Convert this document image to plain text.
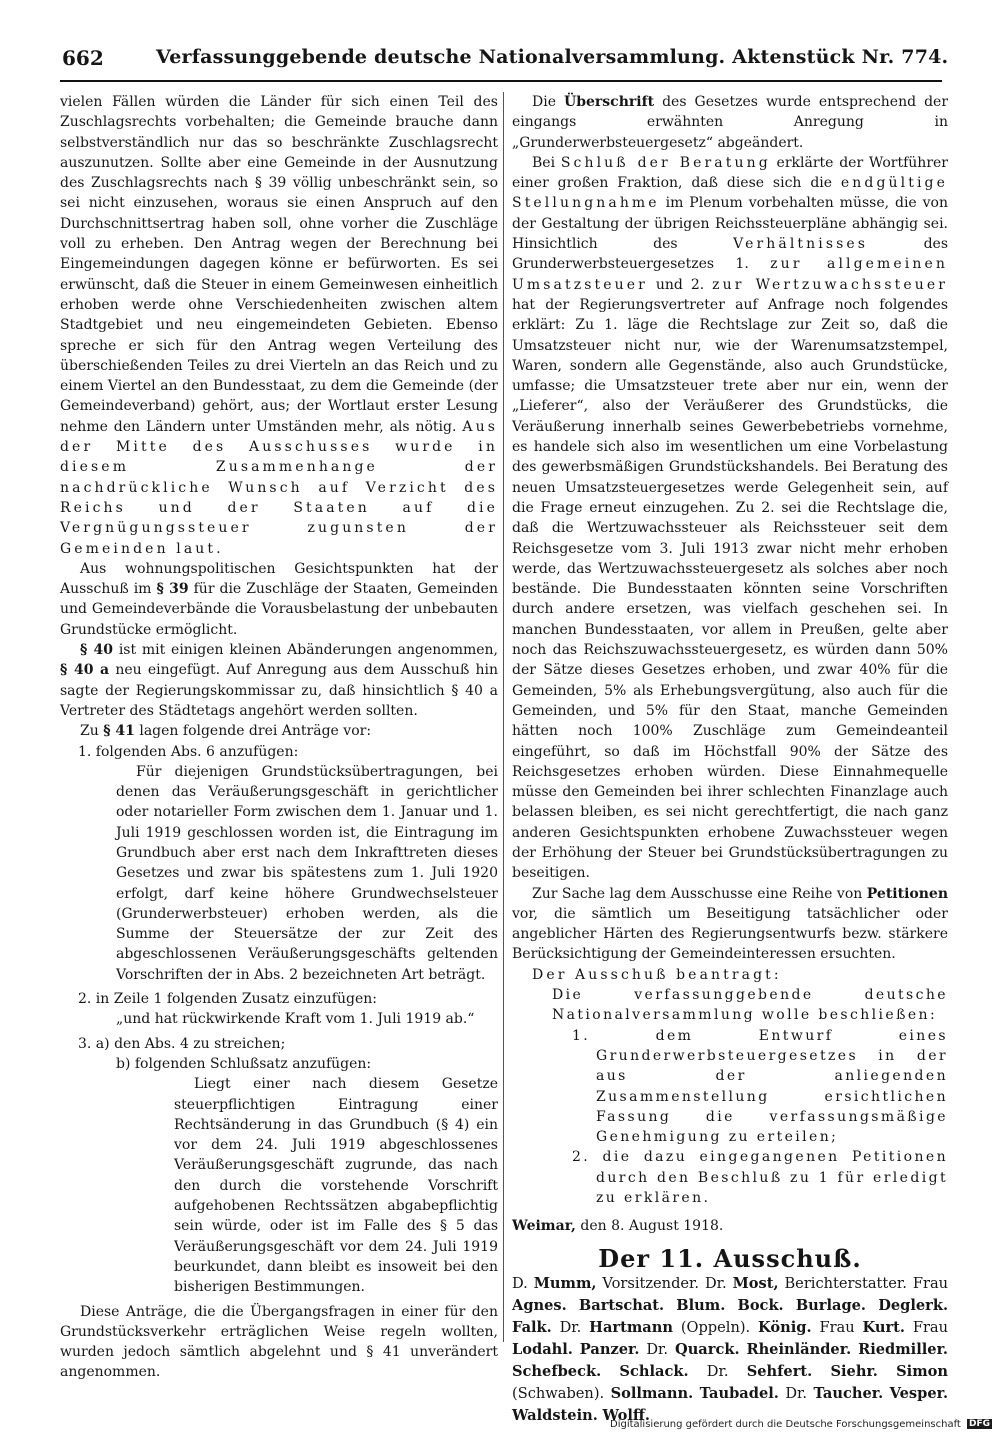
662	Verfassunggebende deutsche Nationalversammlung. Aktenstück Nr. 774.

vielen Fällen würden die Länder für sich einen Teil des Zuschlagsrechts vorbehalten; die Gemeinde brauche dann selbstverständlich nur das so beschränkte Zuschlagsrecht auszunutzen. Sollte aber eine Gemeinde in der Ausnutzung des Zuschlagsrechts nach § 39 völlig unbeschränkt sein, so sei nicht einzusehen, woraus sie einen Anspruch auf den Durchschnittsertrag haben soll, ohne vorher die Zuschläge voll zu erheben. Den Antrag wegen der Berechnung bei Eingemeindungen dagegen könne er befürworten. Es sei erwünscht, daß die Steuer in einem Gemeinwesen einheitlich erhoben werde ohne Verschiedenheiten zwischen altem Stadtgebiet und neu eingemeindeten Gebieten. Ebenso spreche er sich für den Antrag wegen Verteilung des überschießenden Teiles zu drei Vierteln an das Reich und zu einem Viertel an den Bundesstaat, zu dem die Gemeinde (der Gemeindeverband) gehört, aus; der Wortlaut erster Lesung nehme den Ländern unter Umständen mehr, als nötig. Aus der Mitte des Ausschusses wurde in diesem Zusammenhange der nachdrückliche Wunsch auf Verzicht des Reichs und der Staaten auf die Vergnügungssteuer zugunsten der Gemeinden laut.

Aus wohnungspolitischen Gesichtspunkten hat der Ausschuß im § 39 für die Zuschläge der Staaten, Gemeinden und Gemeindeverbände die Vorausbelastung der unbebauten Grundstücke ermöglicht.

§ 40 ist mit einigen kleinen Abänderungen angenommen, § 40 a neu eingefügt. Auf Anregung aus dem Ausschuß hin sagte der Regierungskommissar zu, daß hinsichtlich § 40 a Vertreter des Städtetags angehört werden sollten.

Zu § 41 lagen folgende drei Anträge vor:

1. folgenden Abs. 6 anzufügen:

Für diejenigen Grundstücksübertragungen, bei denen das Veräußerungsgeschäft in gerichtlicher oder notarieller Form zwischen dem 1. Januar und 1. Juli 1919 geschlossen worden ist, die Eintragung im Grundbuch aber erst nach dem Inkrafttreten dieses Gesetzes und zwar bis spätestens zum 1. Juli 1920 erfolgt, darf keine höhere Grundwechselsteuer (Grunderwerbsteuer) erhoben werden, als die Summe der Steuersätze der zur Zeit des abgeschlossenen Veräußerungsgeschäfts geltenden Vorschriften der in Abs. 2 bezeichneten Art beträgt.

2. in Zeile 1 folgenden Zusatz einzufügen:

„und hat rückwirkende Kraft vom 1. Juli 1919 ab.“

3. a) den Abs. 4 zu streichen;

b) folgenden Schlußsatz anzufügen:

Liegt einer nach diesem Gesetze steuerpflichtigen Eintragung einer Rechtsänderung in das Grundbuch (§ 4) ein vor dem 24. Juli 1919 abgeschlossenes Veräußerungsgeschäft zugrunde, das nach den durch die vorstehende Vorschrift aufgehobenen Rechtssätzen abgabepflichtig sein würde, oder ist im Falle des § 5 das Veräußerungsgeschäft vor dem 24. Juli 1919 beurkundet, dann bleibt es insoweit bei den bisherigen Bestimmungen.

Diese Anträge, die die Übergangsfragen in einer für den Grundstücksverkehr erträglichen Weise regeln wollten, wurden jedoch sämtlich abgelehnt und § 41 unverändert angenommen.

Die Überschrift des Gesetzes wurde entsprechend der eingangs erwähnten Anregung in „Grunderwerbsteuergesetz“ abgeändert.

Bei Schluß der Beratung erklärte der Wortführer einer großen Fraktion, daß diese sich die endgültige Stellungnahme im Plenum vorbehalten müsse, die von der Gestaltung der übrigen Reichssteuerpläne abhängig sei. Hinsichtlich des	Verhältnisses	des Grunderwerbsteuergesetzes 1. zur allgemeinen Umsatzsteuer und 2. zur Wertzuwachssteuer hat der Regierungsvertreter auf Anfrage noch folgendes erklärt: Zu 1. läge die Rechtslage zur Zeit so, daß die Umsatzsteuer nicht nur, wie der Warenumsatzstempel, Waren, sondern alle Gegenstände, also auch Grundstücke, umfasse; die Umsatzsteuer trete aber nur ein, wenn der „Lieferer“, also der Veräußerer des Grundstücks, die Veräußerung innerhalb seines Gewerbebetriebs vornehme, es handele sich also im wesentlichen um eine Vorbelastung des gewerbsmäßigen Grundstückshandels. Bei Beratung des neuen Umsatzsteuergesetzes werde Gelegenheit sein, auf die Frage erneut einzugehen. Zu 2. sei die Rechtslage die, daß die Wertzuwachssteuer als Reichssteuer seit dem Reichsgesetze vom 3. Juli 1913 zwar nicht mehr erhoben werde, das Wertzuwachssteuergesetz als solches aber noch bestände. Die Bundesstaaten könnten seine Vorschriften durch andere ersetzen, was vielfach geschehen sei. In manchen Bundesstaaten, vor allem in Preußen, gelte aber noch das Reichszuwachssteuergesetz, es würden dann 50% der Sätze dieses Gesetzes erhoben, und zwar 40% für die Gemeinden, 5% als Erhebungsvergütung, also auch für die Gemeinden, und 5% für den Staat, manche Gemeinden hätten noch 100% Zuschläge zum Gemeindeanteil eingeführt, so daß im Höchstfall 90% der Sätze des Reichsgesetzes erhoben würden. Diese Einnahmequelle müsse den Gemeinden bei ihrer schlechten Finanzlage auch belassen bleiben, es sei nicht gerechtfertigt, die nach ganz anderen Gesichtspunkten erhobene Zuwachssteuer wegen der Erhöhung der Steuer bei Grundstücksübertragungen zu beseitigen.

Zur Sache lag dem Ausschusse eine Reihe von Petitionen vor, die sämtlich um Beseitigung tatsächlicher oder angeblicher Härten des Regierungsentwurfs bezw. stärkere Berücksichtigung der Gemeindeinteressen ersuchten.

Der Ausschuß beantragt:

Die verfassunggebende deutsche Nationalversammlung wolle beschließen:

1. dem Entwurf eines Grunderwerbsteuergesetzes in der aus der anliegenden Zusammenstellung ersichtlichen Fassung die verfassungsmäßige Genehmigung zu erteilen;

2. die dazu eingegangenen Petitionen durch den Beschluß zu 1 für erledigt zu erklären.

Weimar, den 8. August 1918.

Der 11. Ausschuß.

D. Mumm, Vorsitzender. Dr. Most, Berichterstatter. Frau Agnes. Bartschat. Blum. Bock. Burlage. Deglerk. Falk. Dr. Hartmann (Oppeln). König. Frau Kurt. Frau Lodahl. Panzer. Dr. Quarck. Rheinländer. Riedmiller. Schefbeck. Schlack. Dr. Sehfert. Siehr. Simon (Schwaben). Sollmann. Taubadel. Dr. Taucher. Vesper. Waldstein. Wolff.

Digitalisierung gefördert durch die Deutsche Forschungsgemeinschaft DFG
